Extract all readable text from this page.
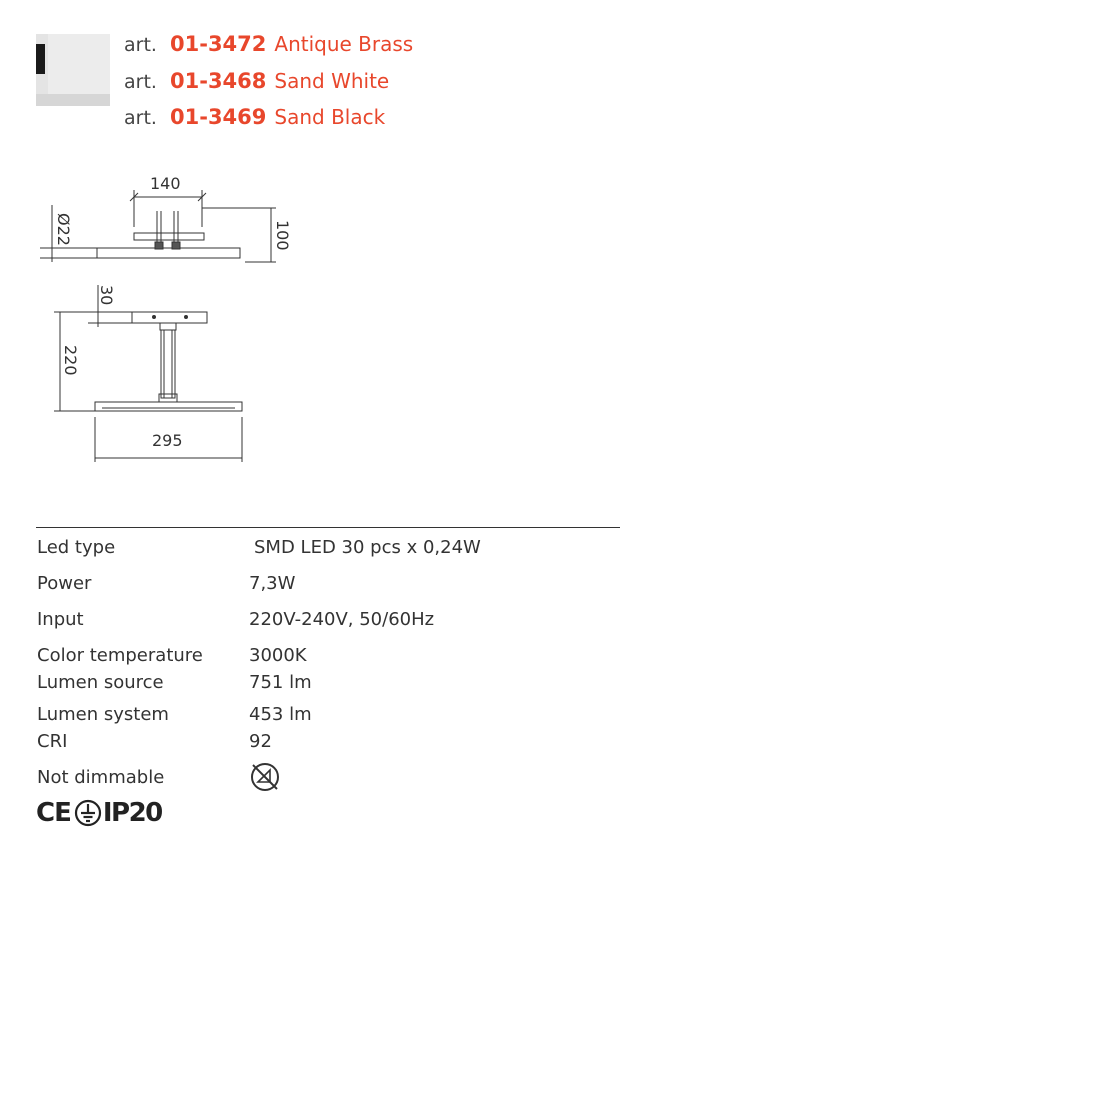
art. 01-3472 Antique Brass
art. 01-3468 Sand White
art. 01-3469 Sand Black
140
Ø22	100
30
220
295
Led type	SMD LED 30 pcs x 0,24W
Power	7,3W
Input	220V-240V, 50/60Hz
Color temperature	3000K
Lumen source	751 lm
Lumen system	453 lm
CRI	92
Not dimmable
CE IP20
